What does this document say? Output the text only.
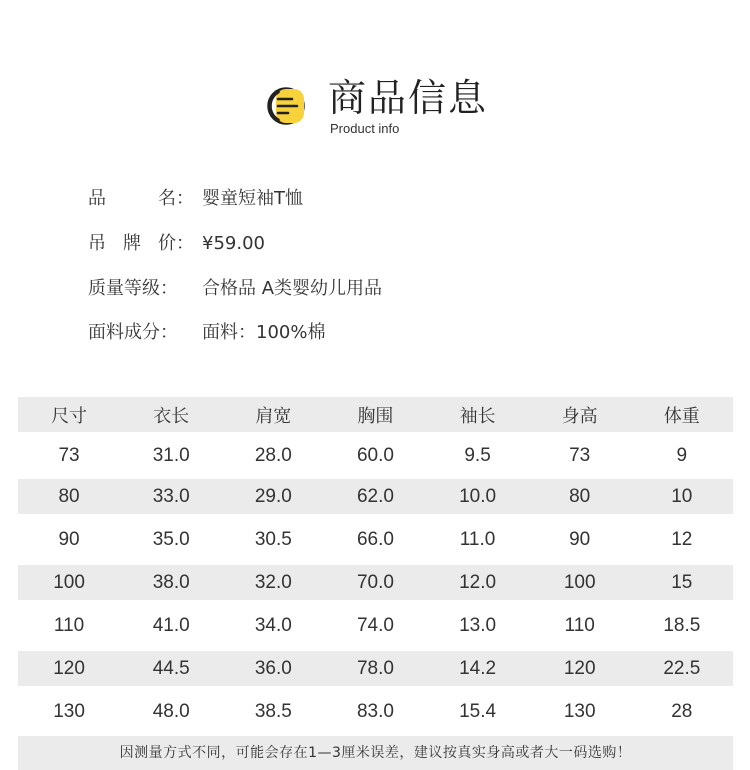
商品信息
Product info
品	名 ： 婴童短袖T恤
吊 牌 价 ： ¥59.00
质量等级：	合格品 A类婴幼儿用品
面料成分：	面料：100%棉
尺寸	衣长	肩宽	胸围	袖长	身高	体重
73	31.0	28.0	60.0	9.5	73	9
80	33.0	29.0	62.0	10.0	80	10
90	35.0	30.5	66.0	11.0	90	12
100	38.0	32.0	70.0	12.0	100	15
110	41.0	34.0	74.0	13.0	110	18.5
120	44.5	36.0	78.0	14.2	120	22.5
130	48.0	38.5	83.0	15.4	130	28
因测量方式不同，可能会存在1—3厘米误差，建议按真实身高或者大一码选购！
